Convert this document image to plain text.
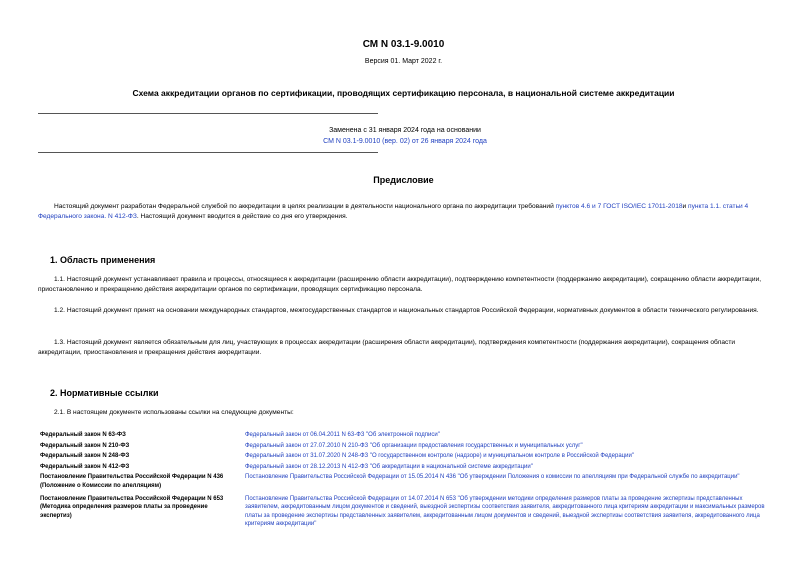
СМ N 03.1-9.0010
Версия 01. Март 2022 г.
Схема аккредитации органов по сертификации, проводящих сертификацию персонала, в национальной системе аккредитации
Заменена с 31 января 2024 года на основании
СМ N 03.1-9.0010 (вер. 02) от 26 января 2024 года
Предисловие
Настоящий документ разработан Федеральной службой по аккредитации в целях реализации в деятельности национального органа по аккредитации требований пунктов 4.6 и 7 ГОСТ ISO/IEC 17011-2018и пункта 1.1. статьи 4 Федерального закона. N 412-ФЗ. Настоящий документ вводится в действие со дня его утверждения.
1. Область применения
1.1. Настоящий документ устанавливает правила и процессы, относящиеся к аккредитации (расширению области аккредитации), подтверждению компетентности (поддержанию аккредитации), сокращению области аккредитации, приостановлению и прекращению действия аккредитации органов по сертификации, проводящих сертификацию персонала.
1.2. Настоящий документ принят на основании международных стандартов, межгосударственных стандартов и национальных стандартов Российской Федерации, нормативных документов в области технического регулирования.
1.3. Настоящий документ является обязательным для лиц, участвующих в процессах аккредитации (расширения области аккредитации), подтверждения компетентности (поддержания аккредитации), сокращения области аккредитации, приостановления и прекращения действия аккредитации.
2. Нормативные ссылки
2.1. В настоящем документе использованы ссылки на следующие документы:
Федеральный закон N 63-ФЗ	Федеральный закон от 06.04.2011 N 63-ФЗ "Об электронной подписи"
Федеральный закон N 210-ФЗ	Федеральный закон от 27.07.2010 N 210-ФЗ "Об организации предоставления государственных и муниципальных услуг"
Федеральный закон N 248-ФЗ	Федеральный закон от 31.07.2020 N 248-ФЗ "О государственном контроле (надзоре) и муниципальном контроле в Российской Федерации"
Федеральный закон N 412-ФЗ	Федеральный закон от 28.12.2013 N 412-ФЗ "Об аккредитации в национальной системе аккредитации"
Постановление Правительства Российской Федерации N 436 (Положение о Комиссии по апелляциям)	Постановление Правительства Российской Федерации от 15.05.2014 N 436 "Об утверждении Положения о комиссии по апелляциям при Федеральной службе по аккредитации"
Постановление Правительства Российской Федерации N 653 (Методика определения размеров платы за проведение экспертиз)	Постановление Правительства Российской Федерации от 14.07.2014 N 653 "Об утверждении методики определения размеров платы за проведение экспертизы представленных заявителем, аккредитованным лицом документов и сведений, выездной экспертизы соответствия заявителя, аккредитованного лица критериям аккредитации и максимальных размеров платы за проведение экспертизы представленных заявителем, аккредитованным лицом документов и сведений, выездной экспертизы соответствия заявителя, аккредитованного лица критериям аккредитации"
